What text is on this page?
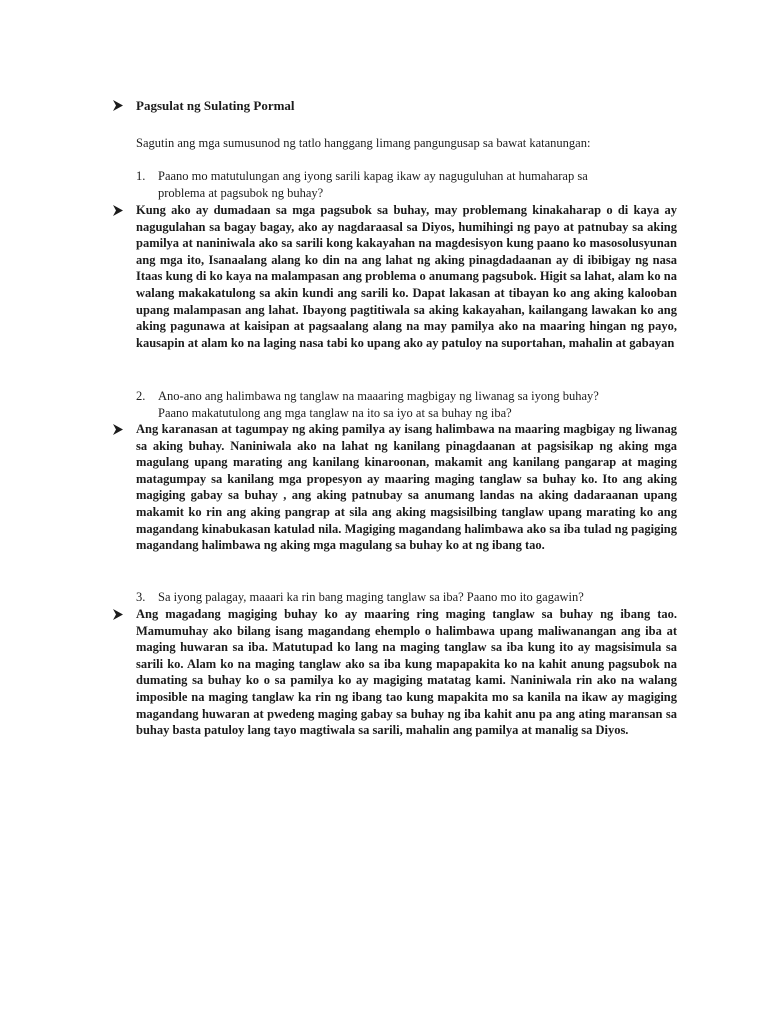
Pagsulat ng Sulating Pormal
Sagutin ang mga sumusunod ng tatlo hanggang limang pangungusap sa bawat katanungan:
1.	Paano mo matutulungan ang iyong sarili kapag ikaw ay naguguluhan at humaharap sa
problema at pagsubok ng buhay?
Kung ako ay dumadaan sa mga pagsubok sa buhay, may problemang kinakaharap o di kaya ay nagugulahan sa bagay bagay, ako ay nagdaraasal sa Diyos, humihingi ng payo at patnubay sa aking pamilya at naniniwala ako sa sarili kong kakayahan na magdesisyon kung paano ko masosolusyunan ang mga ito, Isanaalang alang ko din na ang lahat ng aking pinagdadaanan ay di ibibigay ng nasa Itaas kung di ko kaya na malampasan ang problema o anumang pagsubok. Higit sa lahat, alam ko na walang makakatulong sa akin kundi ang sarili ko. Dapat lakasan at tibayan ko ang aking kalooban upang malampasan ang lahat. Ibayong pagtitiwala sa aking kakayahan, kailangang lawakan ko ang aking pagunawa at kaisipan at pagsaalang alang na may pamilya ako na maaring hingan ng payo, kausapin at alam ko na laging nasa tabi ko upang ako ay patuloy na suportahan, mahalin at gabayan
2.	Ano-ano ang halimbawa ng tanglaw na maaaring magbigay ng liwanag sa iyong buhay?
Paano makatutulong ang mga tanglaw na ito sa iyo at sa buhay ng iba?
Ang karanasan at tagumpay ng aking pamilya ay isang halimbawa na maaring magbigay ng liwanag sa aking buhay. Naniniwala ako na lahat ng kanilang pinagdaanan at pagsisikap ng aking mga magulang upang marating ang kanilang kinaroonan, makamit ang kanilang pangarap at maging matagumpay sa kanilang mga propesyon ay maaring maging tanglaw sa buhay ko. Ito ang aking magiging gabay sa buhay , ang aking patnubay sa anumang landas na aking dadaraanan upang makamit ko rin ang aking pangrap at sila ang aking magsisilbing tanglaw upang marating ko ang magandang kinabukasan katulad nila. Magiging magandang halimbawa ako sa iba tulad ng pagiging magandang halimbawa ng aking mga magulang sa buhay ko at ng ibang tao.
3.	Sa iyong palagay, maaari ka rin bang maging tanglaw sa iba? Paano mo ito gagawin?
Ang magadang magiging buhay ko ay maaring ring maging tanglaw sa buhay ng ibang tao. Mamumuhay ako bilang isang magandang ehemplo o halimbawa upang maliwanangan ang iba at maging huwaran sa iba. Matutupad ko lang na maging tanglaw sa iba kung ito ay magsisimula sa sarili ko. Alam ko na maging tanglaw ako sa iba kung mapapakita ko na kahit anung pagsubok na dumating sa buhay ko o sa pamilya ko ay magiging matatag kami. Naniniwala rin ako na walang imposible na maging tanglaw ka rin ng ibang tao kung mapakita mo sa kanila na ikaw ay magiging magandang huwaran at pwedeng maging gabay sa buhay ng iba kahit anu pa ang ating maransan sa buhay basta patuloy lang tayo magtiwala sa sarili, mahalin ang pamilya at manalig sa Diyos.
